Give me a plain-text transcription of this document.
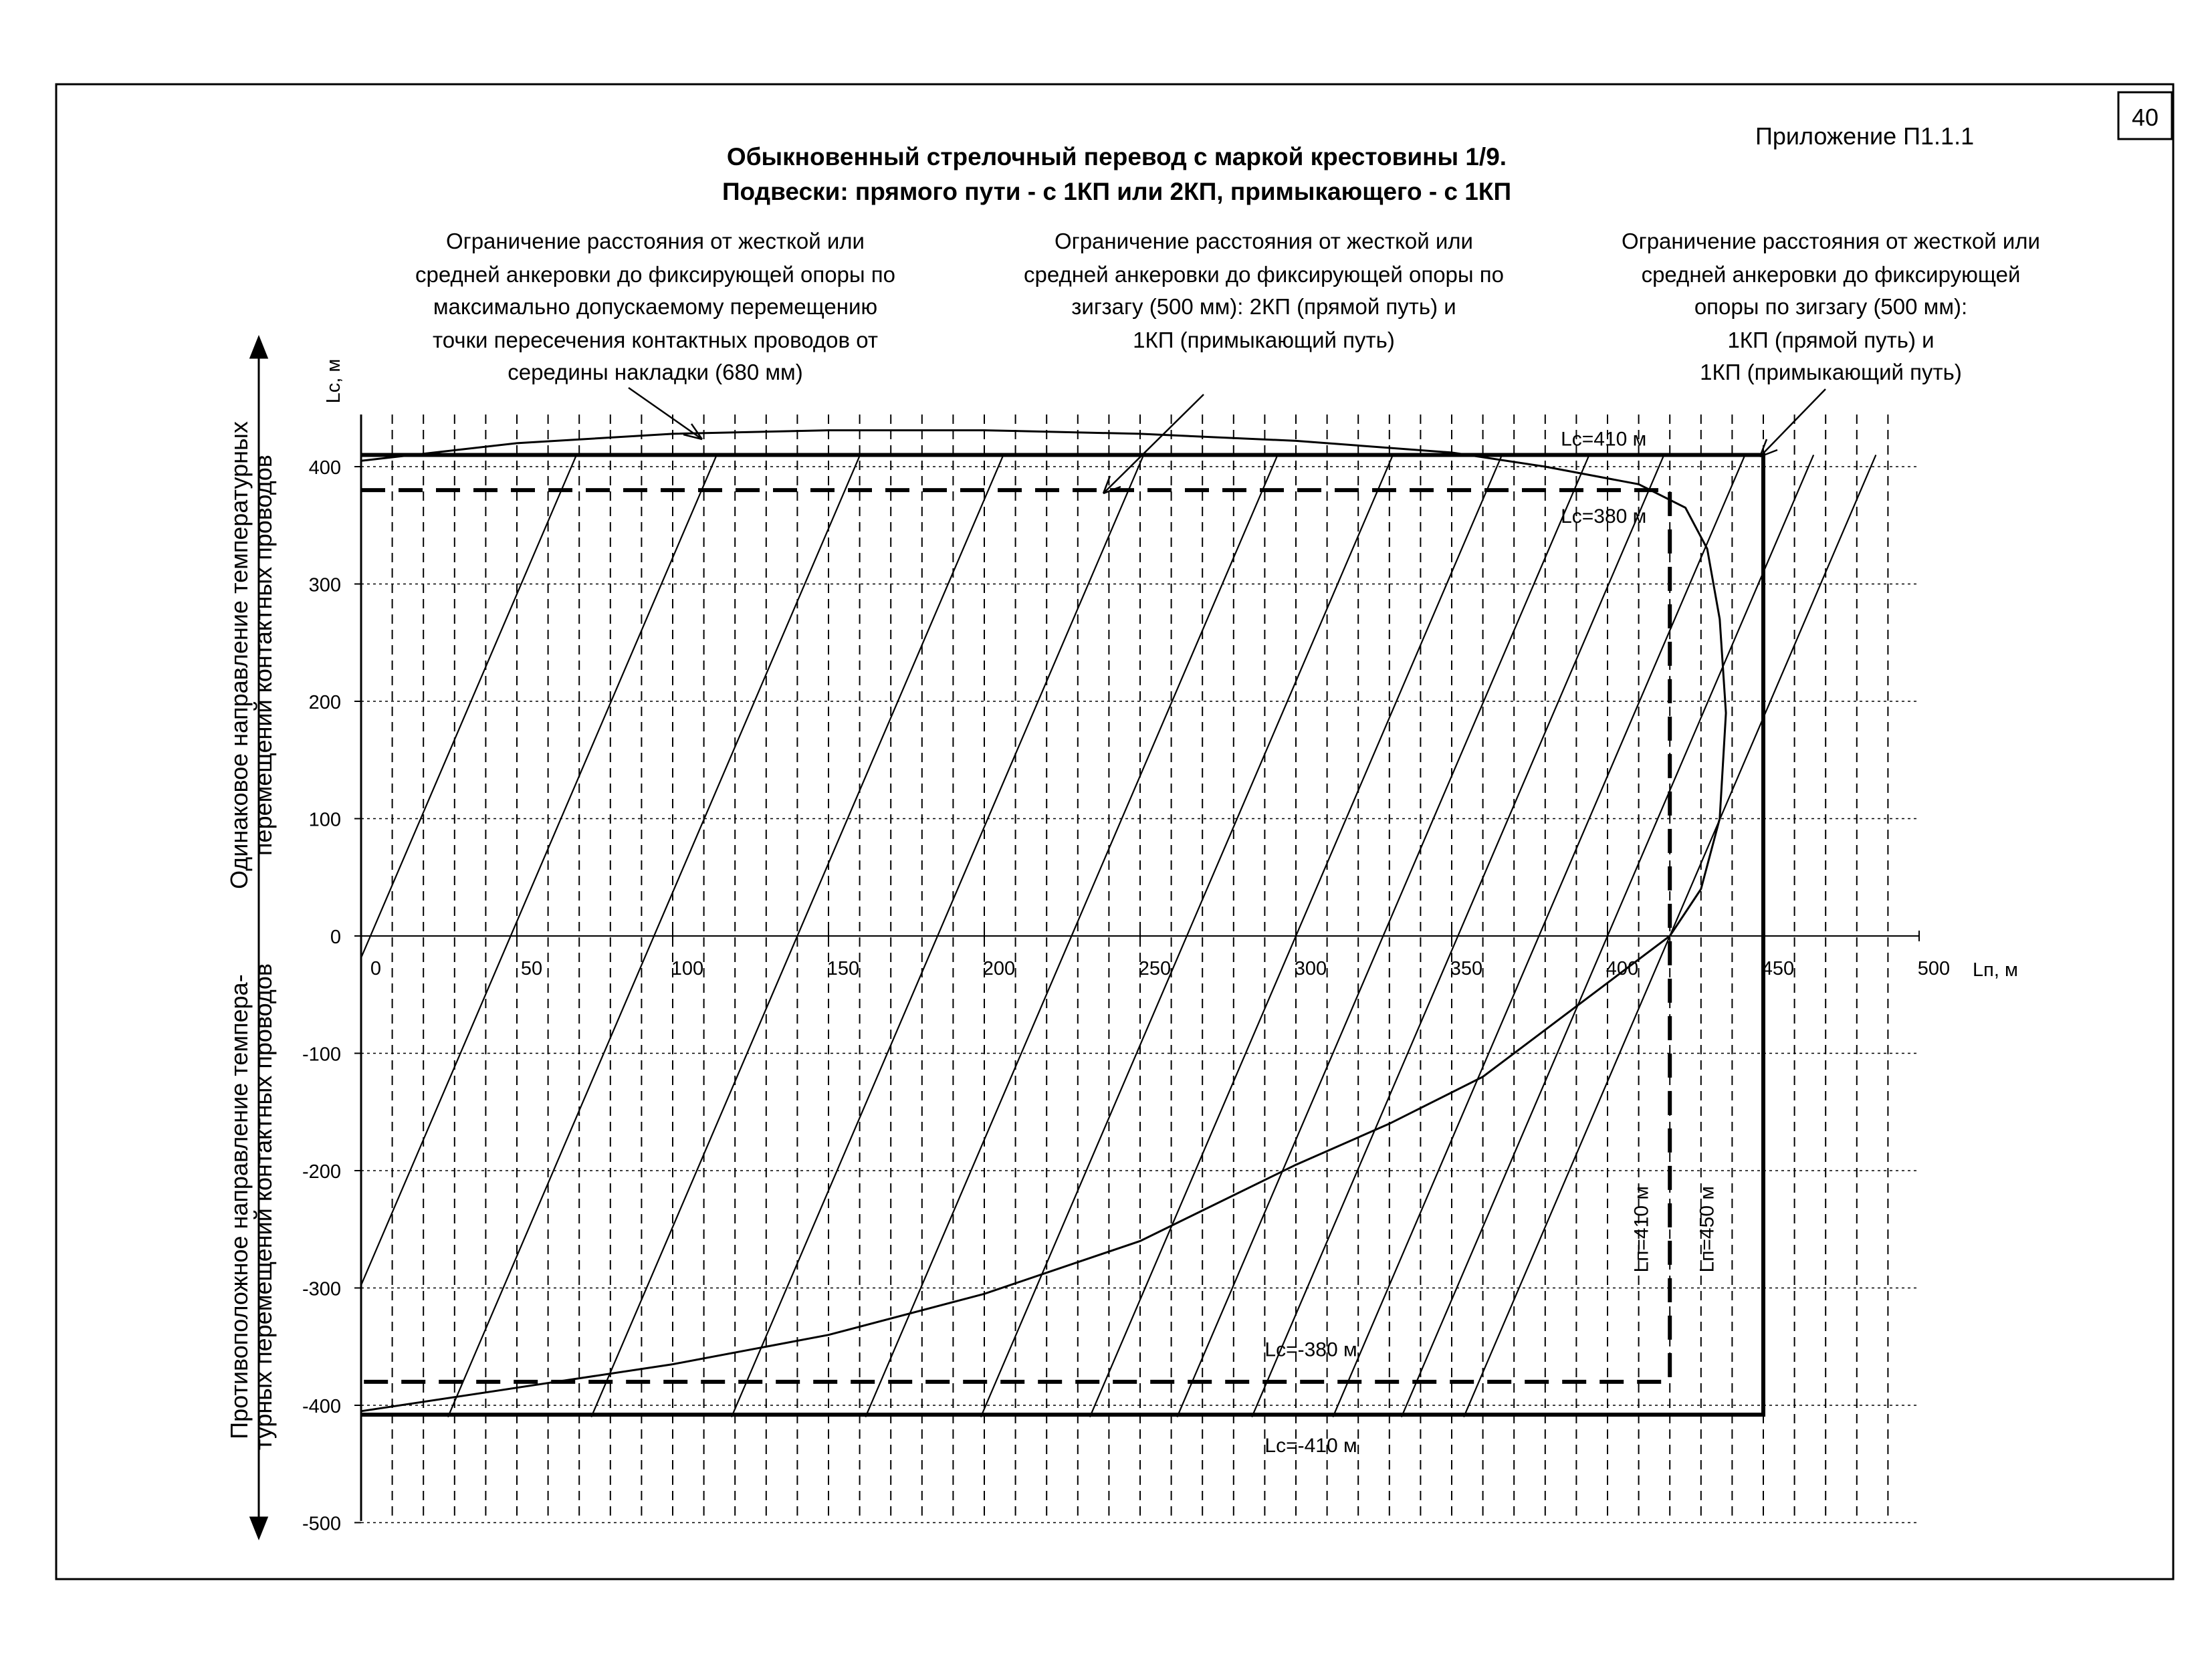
40
Приложение П1.1.1
Обыкновенный стрелочный перевод с маркой крестовины 1/9.
Подвески: прямого пути - с 1КП или 2КП, примыкающего - с 1КП
Ограничение расстояния от жесткой или
средней анкеровки до фиксирующей опоры по
максимально допускаемому перемещению
точки пересечения контактных проводов от
середины накладки (680 мм)
Ограничение расстояния от жесткой или
средней анкеровки до фиксирующей опоры по
зигзагу (500 мм): 2КП (прямой путь) и
1КП (примыкающий путь)
Ограничение расстояния от жесткой или
средней анкеровки до фиксирующей
опоры по зигзагу (500 мм):
1КП (прямой путь) и
1КП (примыкающий путь)
Одинаковое направление температурных
перемещений контактных проводов
Противоположное направление темпера-
турных перемещений контактных проводов
Lс, м
Lп, м
0	50	100	150	200	250	300	350	400	450	500
-500
-400
-300
-200
-100
0
100
200
300
400
Lс=410 м
Lс=380 м
Lс=-380 м
Lс=-410 м
Lп=410 м Lп=450 м
